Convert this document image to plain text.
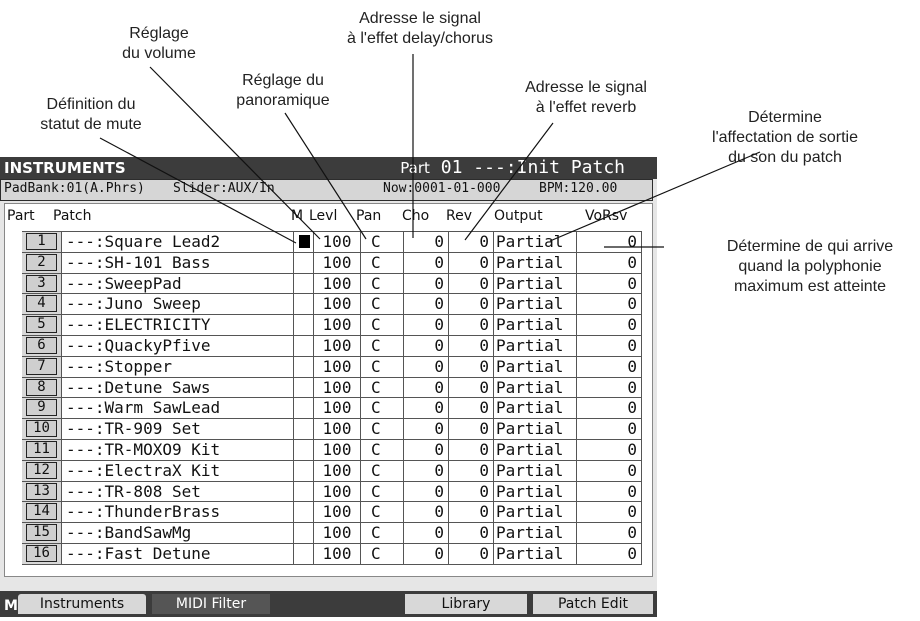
Réglage
du volume
Adresse le signal
à l'effet delay/chorus
Réglage du
panoramique
Adresse le signal
à l'effet reverb
Définition du
statut de mute	Détermine
l'affectation de sortie
du son du patch
Détermine de qui arrive
quand la polyphonie
maximum est atteinte
INSTRUMENTS	Part 01 ---:Init Patch
PadBank:01(A.Phrs) Slider:AUX/In	Now:0001-01-000	BPM:120.00
Part Patch	M Levl Pan Cho Rev Output	VoRsv
1	---:Square Lead2	100	C	0	0 Partial	0
2	---:SH-101 Bass	100	C	0	0 Partial	0
3	---:SweepPad	100	C	0	0 Partial	0
4	---:Juno Sweep	100	C	0	0 Partial	0
5	---:ELECTRICITY	100	C	0	0 Partial	0
6	---:QuackyPfive	100	C	0	0 Partial	0
7	---:Stopper	100	C	0	0 Partial	0
8	---:Detune Saws	100	C	0	0 Partial	0
9	---:Warm SawLead	100	C	0	0 Partial	0
10	---:TR-909 Set	100	C	0	0 Partial	0
11	---:TR-MOXO9 Kit	100	C	0	0 Partial	0
12	---:ElectraX Kit	100	C	0	0 Partial	0
13	---:TR-808 Set	100	C	0	0 Partial	0
14	---:ThunderBrass	100	C	0	0 Partial	0
15	---:BandSawMg	100	C	0	0 Partial	0
16	---:Fast Detune	100	C	0	0 Partial	0
M	Instruments	MIDI Filter	Library	Patch Edit
